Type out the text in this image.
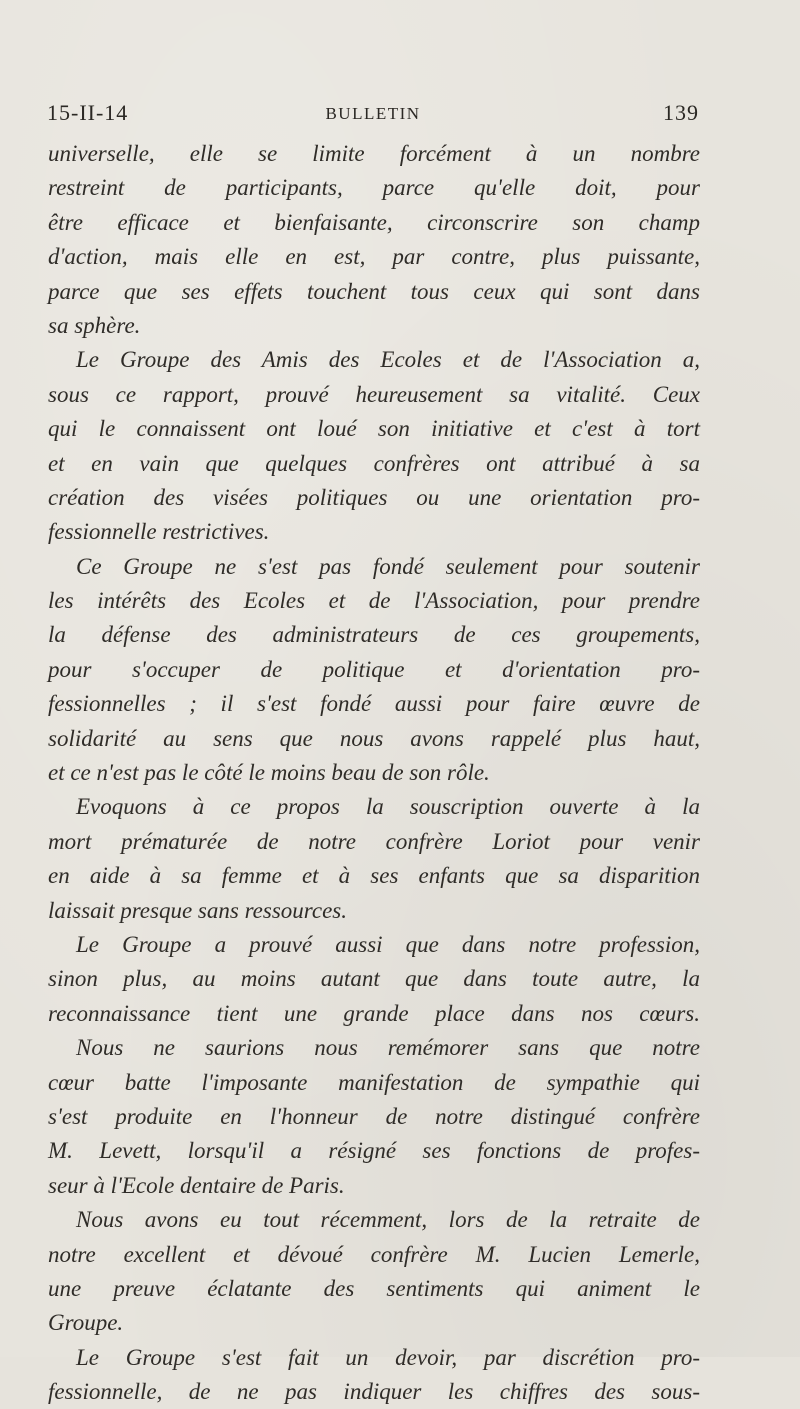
15-II-14	BULLETIN	139
universelle, elle se limite forcément à un nombre
restreint de participants, parce qu'elle doit, pour
être efficace et bienfaisante, circonscrire son champ
d'action, mais elle en est, par contre, plus puissante,
parce que ses effets touchent tous ceux qui sont dans
sa sphère.
Le Groupe des Amis des Ecoles et de l'Association a,
sous ce rapport, prouvé heureusement sa vitalité. Ceux
qui le connaissent ont loué son initiative et c'est à tort
et en vain que quelques confrères ont attribué à sa
création des visées politiques ou une orientation pro-
fessionnelle restrictives.
Ce Groupe ne s'est pas fondé seulement pour soutenir
les intérêts des Ecoles et de l'Association, pour prendre
la défense des administrateurs de ces groupements,
pour s'occuper de politique et d'orientation pro-
fessionnelles ; il s'est fondé aussi pour faire œuvre de
solidarité au sens que nous avons rappelé plus haut,
et ce n'est pas le côté le moins beau de son rôle.
Evoquons à ce propos la souscription ouverte à la
mort prématurée de notre confrère Loriot pour venir
en aide à sa femme et à ses enfants que sa disparition
laissait presque sans ressources.
Le Groupe a prouvé aussi que dans notre profession,
sinon plus, au moins autant que dans toute autre, la
reconnaissance tient une grande place dans nos cœurs.
Nous ne saurions nous remémorer sans que notre
cœur batte l'imposante manifestation de sympathie qui
s'est produite en l'honneur de notre distingué confrère
M. Levett, lorsqu'il a résigné ses fonctions de profes-
seur à l'Ecole dentaire de Paris.
Nous avons eu tout récemment, lors de la retraite de
notre excellent et dévoué confrère M. Lucien Lemerle,
une preuve éclatante des sentiments qui animent le
Groupe.
Le Groupe s'est fait un devoir, par discrétion pro-
fessionnelle, de ne pas indiquer les chiffres des sous-
